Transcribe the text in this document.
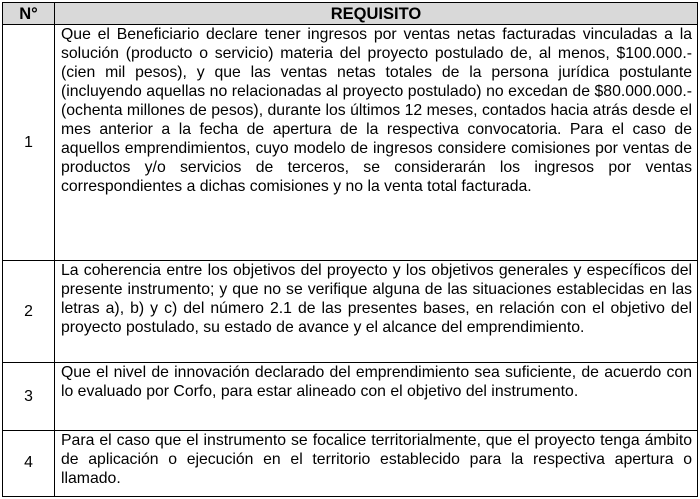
N°	REQUISITO
1	Que el Beneficiario declare tener ingresos por ventas netas facturadas vinculadas a la solución (producto o servicio) materia del proyecto postulado de, al menos, $100.000.- (cien mil pesos), y que las ventas netas totales de la persona jurídica postulante (incluyendo aquellas no relacionadas al proyecto postulado) no excedan de $80.000.000.- (ochenta millones de pesos), durante los últimos 12 meses, contados hacia atrás desde el mes anterior a la fecha de apertura de la respectiva convocatoria. Para el caso de aquellos emprendimientos, cuyo modelo de ingresos considere comisiones por ventas de productos y/o servicios de terceros, se considerarán los ingresos por ventas correspondientes a dichas comisiones y no la venta total facturada.
2	La coherencia entre los objetivos del proyecto y los objetivos generales y específicos del presente instrumento; y que no se verifique alguna de las situaciones establecidas en las letras a), b) y c) del número 2.1 de las presentes bases, en relación con el objetivo del proyecto postulado, su estado de avance y el alcance del emprendimiento.
3	Que el nivel de innovación declarado del emprendimiento sea suficiente, de acuerdo con lo evaluado por Corfo, para estar alineado con el objetivo del instrumento.
4	Para el caso que el instrumento se focalice territorialmente, que el proyecto tenga ámbito de aplicación o ejecución en el territorio establecido para la respectiva apertura o llamado.
